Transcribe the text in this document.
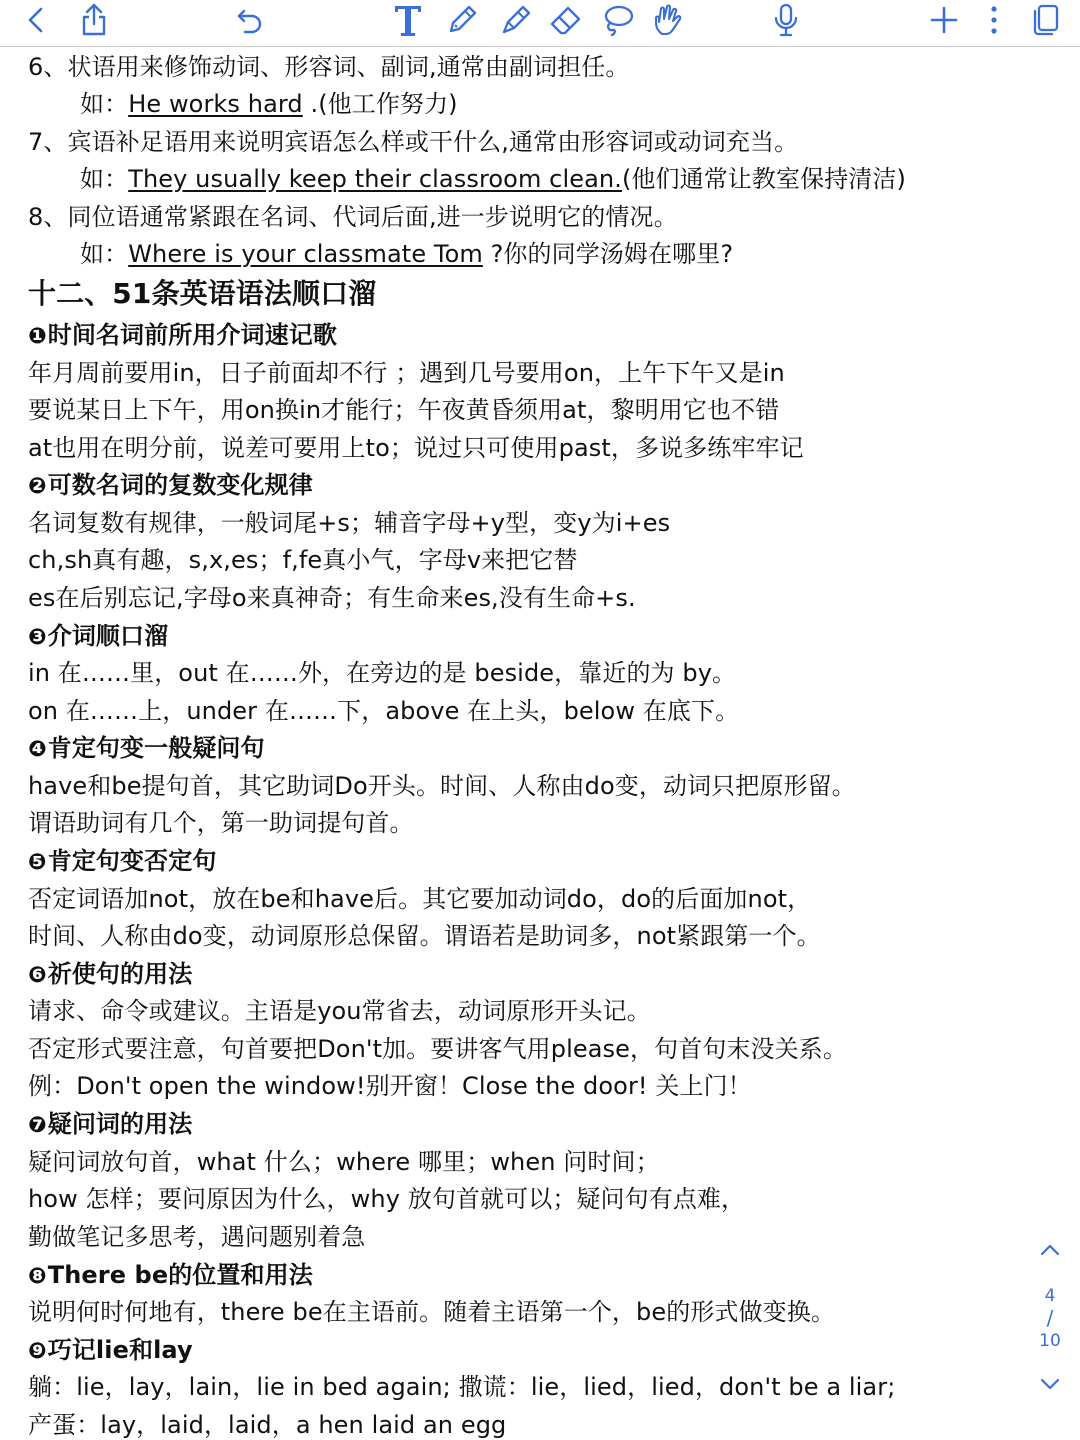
6、状语用来修饰动词、形容词、副词,通常由副词担任。
如：He works hard .(他工作努力)
7、宾语补足语用来说明宾语怎么样或干什么,通常由形容词或动词充当。
如：They usually keep their classroom clean.(他们通常让教室保持清洁)
8、同位语通常紧跟在名词、代词后面,进一步说明它的情况。
如：Where is your classmate Tom ?你的同学汤姆在哪里?
十二、51条英语语法顺口溜
❶时间名词前所用介词速记歌
年月周前要用in，日子前面却不行 ；遇到几号要用on，上午下午又是in
要说某日上下午，用on换in才能行；午夜黄昏须用at，黎明用它也不错
at也用在明分前，说差可要用上to；说过只可使用past，多说多练牢牢记
❷可数名词的复数变化规律
名词复数有规律，一般词尾+s；辅音字母+y型，变y为i+es
ch,sh真有趣，s,x,es；f,fe真小气，字母v来把它替
es在后别忘记,字母o来真神奇；有生命来es,没有生命+s.
❸介词顺口溜
in 在……里，out 在……外，在旁边的是 beside，靠近的为 by。
on 在……上，under 在……下，above 在上头，below 在底下。
❹肯定句变一般疑问句
have和be提句首，其它助词Do开头。时间、人称由do变，动词只把原形留。
谓语助词有几个，第一助词提句首。
❺肯定句变否定句
否定词语加not，放在be和have后。其它要加动词do，do的后面加not，
时间、人称由do变，动词原形总保留。谓语若是助词多，not紧跟第一个。
❻祈使句的用法
请求、命令或建议。主语是you常省去，动词原形开头记。
否定形式要注意，句首要把Don't加。要讲客气用please，句首句末没关系。
例：Don't open the window!别开窗！Close the door! 关上门！
❼疑问词的用法
疑问词放句首，what 什么；where 哪里；when 问时间；
how 怎样；要问原因为什么，why 放句首就可以；疑问句有点难，
勤做笔记多思考，遇问题别着急
❽There be的位置和用法
说明何时何地有，there be在主语前。随着主语第一个，be的形式做变换。
❾巧记lie和lay
躺：lie，lay，lain，lie in bed again; 撒谎：lie，lied，lied，don't be a liar;
产蛋：lay，laid，laid，a hen laid an egg
4
/
10
